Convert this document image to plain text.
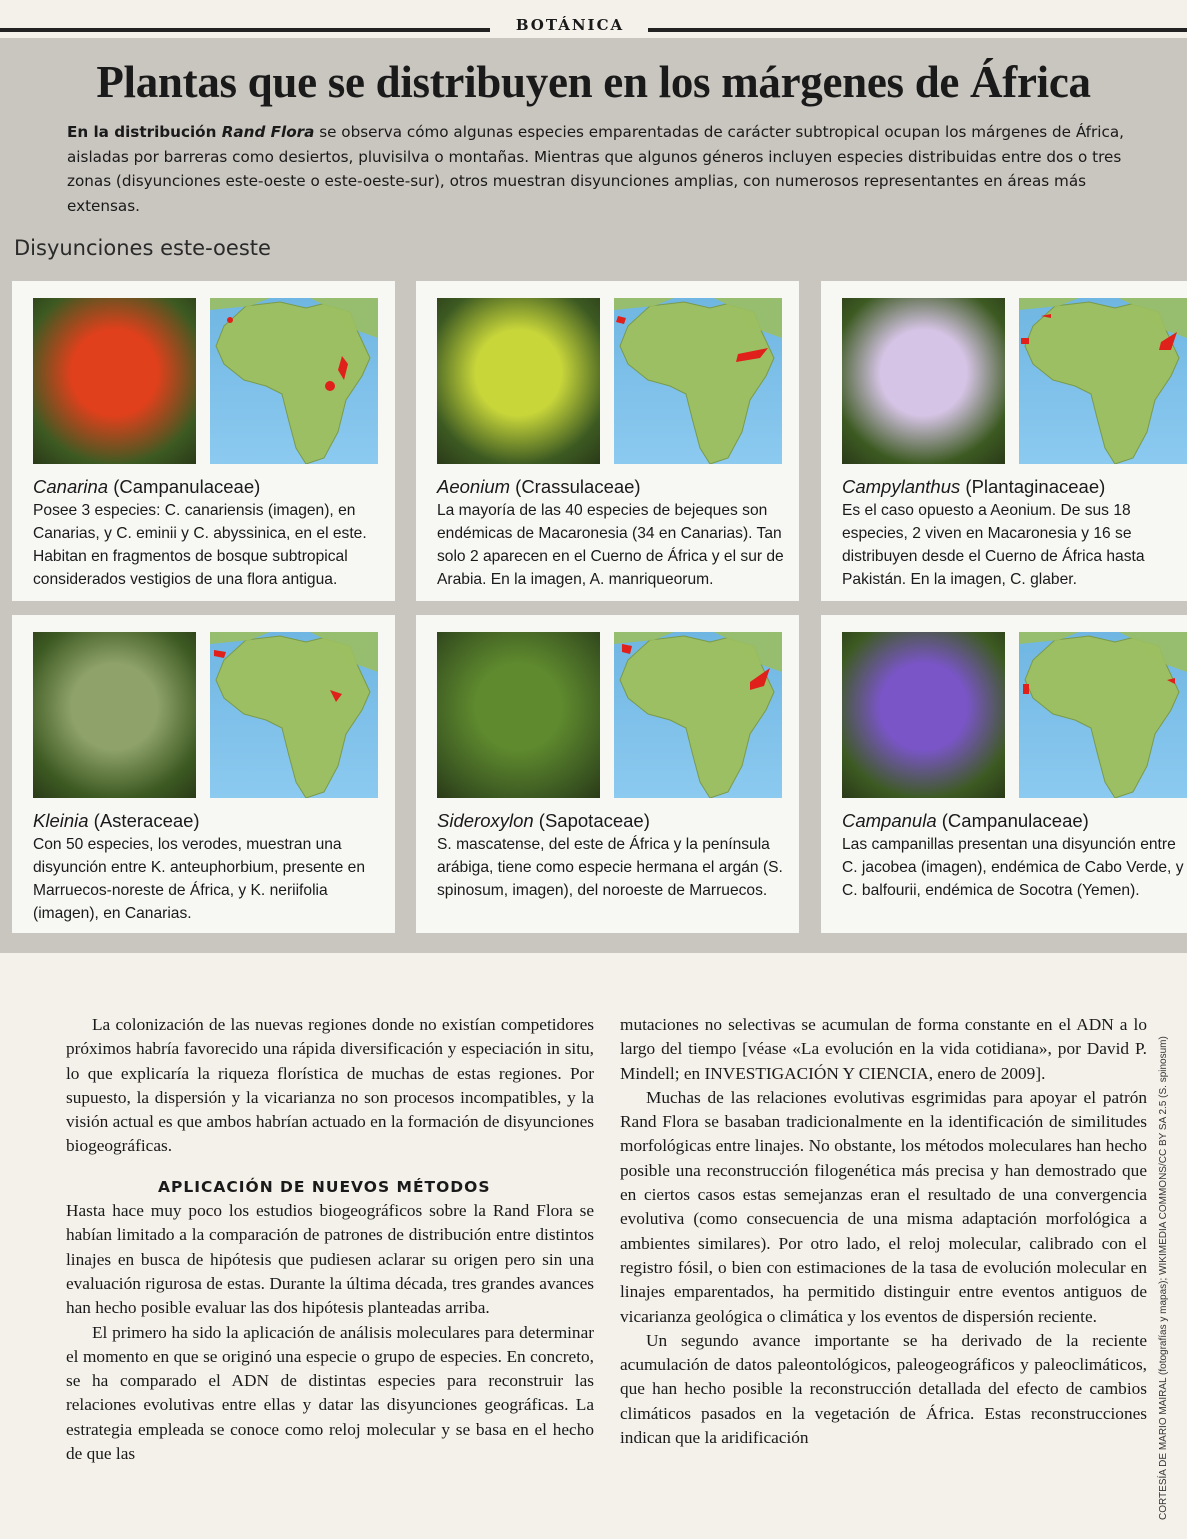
BOTÁNICA
Plantas que se distribuyen en los márgenes de África
En la distribución Rand Flora se observa cómo algunas especies emparentadas de carácter subtropical ocupan los márgenes de África, aisladas por barreras como desiertos, pluvisilva o montañas. Mientras que algunos géneros incluyen especies distribuidas entre dos o tres zonas (disyunciones este-oeste o este-oeste-sur), otros muestran disyunciones amplias, con numerosos representantes en áreas más extensas.
Disyunciones este-oeste
Canarina (Campanulaceae)
Posee 3 especies: C. canariensis (imagen), en Canarias, y C. eminii y C. abyssinica, en el este. Habitan en fragmentos de bosque subtropical considerados vestigios de una flora antigua.
Aeonium (Crassulaceae)
La mayoría de las 40 especies de bejeques son endémicas de Macaronesia (34 en Canarias). Tan solo 2 aparecen en el Cuerno de África y el sur de Arabia. En la imagen, A. manriqueorum.
Campylanthus (Plantaginaceae)
Es el caso opuesto a Aeonium. De sus 18 especies, 2 viven en Macaronesia y 16 se distribuyen desde el Cuerno de África hasta Pakistán. En la imagen, C. glaber.
Kleinia (Asteraceae)
Con 50 especies, los verodes, muestran una disyunción entre K. anteuphorbium, presente en Marruecos-noreste de África, y K. neriifolia (imagen), en Canarias.
Sideroxylon (Sapotaceae)
S. mascatense, del este de África y la península arábiga, tiene como especie hermana el argán (S. spinosum, imagen), del noroeste de Marruecos.
Campanula (Campanulaceae)
Las campanillas presentan una disyunción entre C. jacobea (imagen), endémica de Cabo Verde, y C. balfourii, endémica de Socotra (Yemen).

La colonización de las nuevas regiones donde no existían competidores próximos habría favorecido una rápida diversificación y especiación in situ, lo que explicaría la riqueza florística de muchas de estas regiones. Por supuesto, la dispersión y la vicarianza no son procesos incompatibles, y la visión actual es que ambos habrían actuado en la formación de disyunciones biogeográficas.

APLICACIÓN DE NUEVOS MÉTODOS

Hasta hace muy poco los estudios biogeográficos sobre la Rand Flora se habían limitado a la comparación de patrones de distribución entre distintos linajes en busca de hipótesis que pudiesen aclarar su origen pero sin una evaluación rigurosa de estas. Durante la última década, tres grandes avances han hecho posible evaluar las dos hipótesis planteadas arriba.

El primero ha sido la aplicación de análisis moleculares para determinar el momento en que se originó una especie o grupo de especies. En concreto, se ha comparado el ADN de distintas especies para reconstruir las relaciones evolutivas entre ellas y datar las disyunciones geográficas. La estrategia empleada se conoce como reloj molecular y se basa en el hecho de que las

mutaciones no selectivas se acumulan de forma constante en el ADN a lo largo del tiempo [véase «La evolución en la vida cotidiana», por David P. Mindell; en INVESTIGACIÓN Y CIENCIA, enero de 2009].

Muchas de las relaciones evolutivas esgrimidas para apoyar el patrón Rand Flora se basaban tradicionalmente en la identificación de similitudes morfológicas entre linajes. No obstante, los métodos moleculares han hecho posible una reconstrucción filogenética más precisa y han demostrado que en ciertos casos estas semejanzas eran el resultado de una convergencia evolutiva (como consecuencia de una misma adaptación morfológica a ambientes similares). Por otro lado, el reloj molecular, calibrado con el registro fósil, o bien con estimaciones de la tasa de evolución molecular en linajes emparentados, ha permitido distinguir entre eventos antiguos de vicarianza geológica o climática y los eventos de dispersión reciente.

Un segundo avance importante se ha derivado de la reciente acumulación de datos paleontológicos, paleogeográficos y paleoclimáticos, que han hecho posible la reconstrucción detallada del efecto de cambios climáticos pasados en la vegetación de África. Estas reconstrucciones indican que la aridificación	CORTESÍA DE MARIO MAIRAL (fotografías y mapas); WIKIMEDIA COMMONS/CC BY SA 2.5 (S. spinosum)
